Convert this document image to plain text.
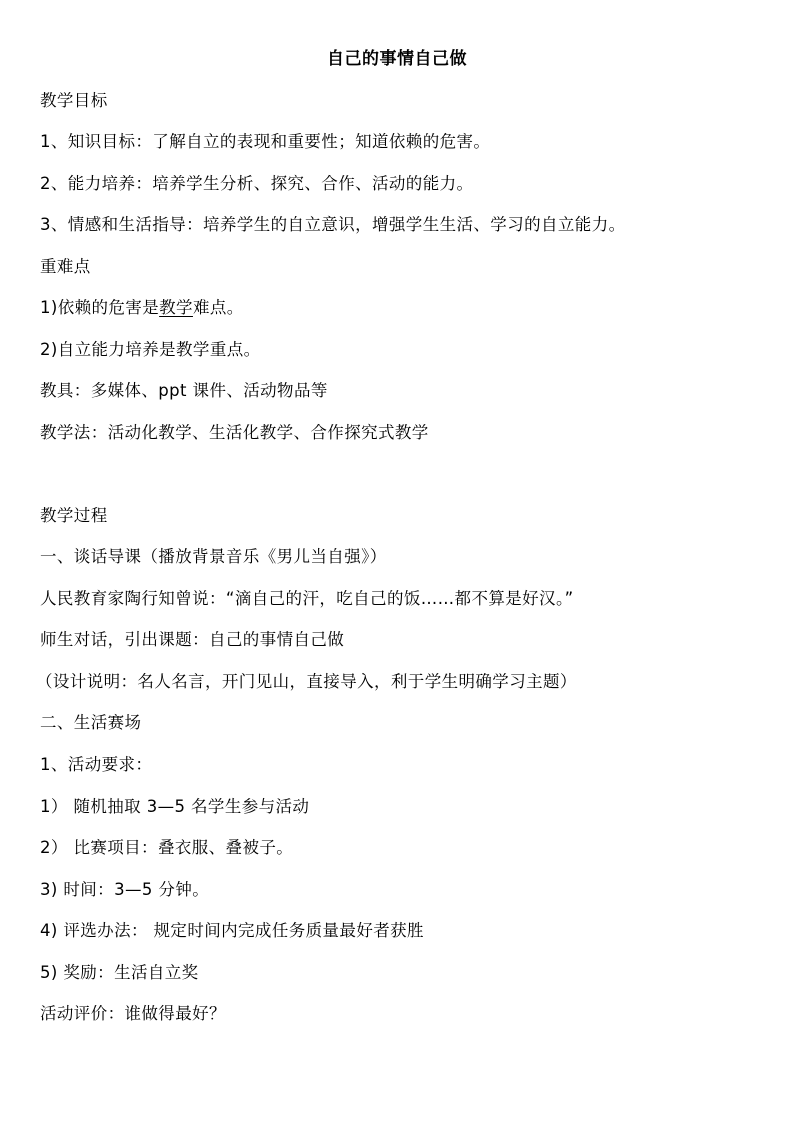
自己的事情自己做
教学目标
1、知识目标：了解自立的表现和重要性；知道依赖的危害。
2、能力培养：培养学生分析、探究、合作、活动的能力。
3、情感和生活指导：培养学生的自立意识，增强学生生活、学习的自立能力。
重难点
1)依赖的危害是教学难点。
2)自立能力培养是教学重点。
教具：多媒体、ppt 课件、活动物品等
教学法：活动化教学、生活化教学、合作探究式教学
教学过程
一、谈话导课（播放背景音乐《男儿当自强》）
人民教育家陶行知曾说：“滴自己的汗，吃自己的饭……都不算是好汉。”
师生对话，引出课题：自己的事情自己做
（设计说明：名人名言，开门见山，直接导入，利于学生明确学习主题）
二、生活赛场
1、活动要求：
1） 随机抽取 3—5 名学生参与活动
2） 比赛项目：叠衣服、叠被子。
3) 时间：3—5 分钟。
4) 评选办法： 规定时间内完成任务质量最好者获胜
5) 奖励：生活自立奖
活动评价：谁做得最好？
